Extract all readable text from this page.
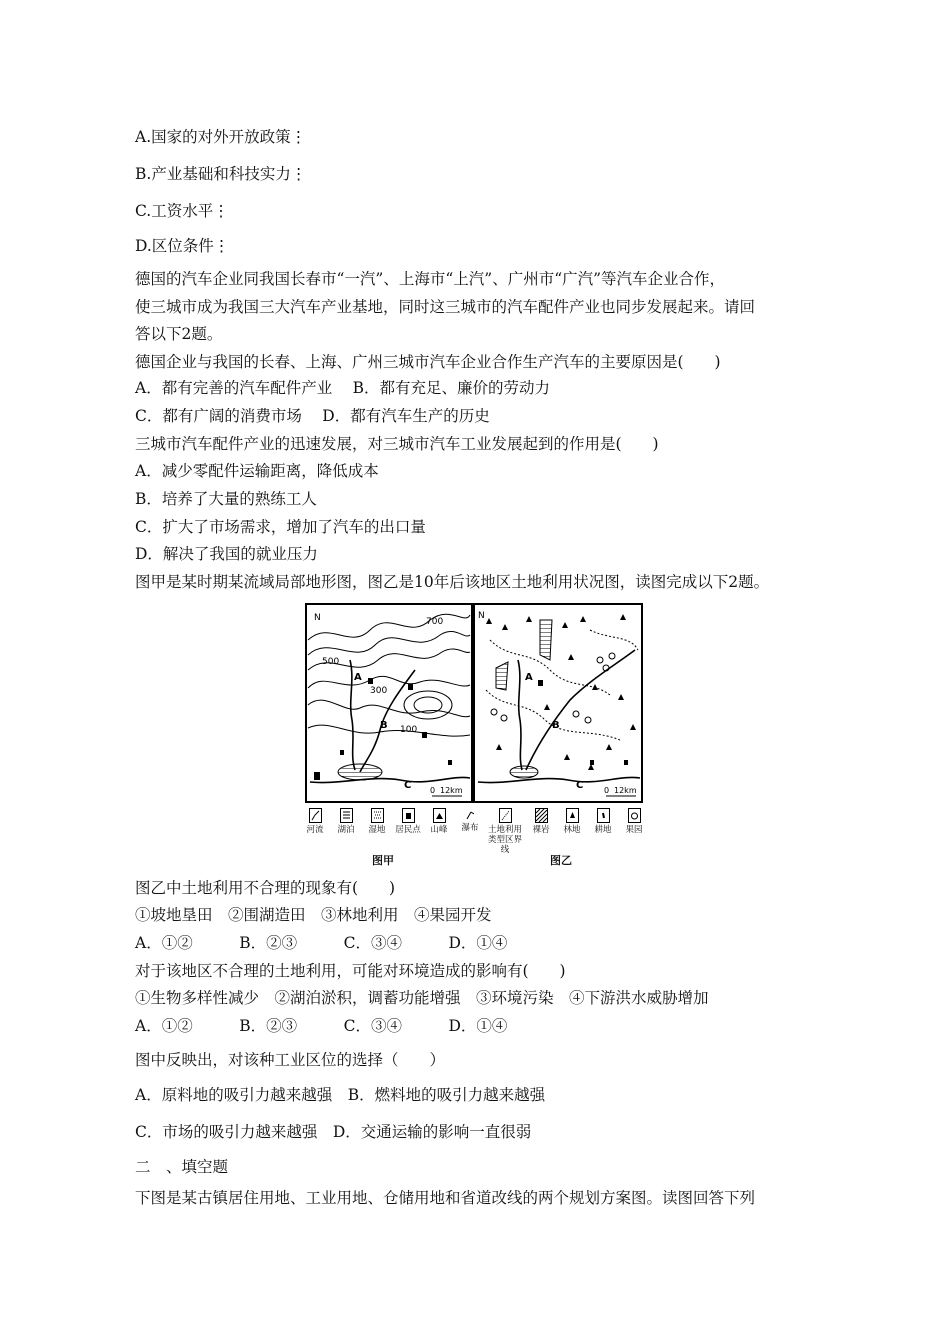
A.国家的对外开放政策⋮
B.产业基础和科技实力⋮
C.工资水平⋮
D.区位条件⋮
德国的汽车企业同我国长春市“一汽”、上海市“上汽”、广州市“广汽”等汽车企业合作，
使三城市成为我国三大汽车产业基地，同时这三城市的汽车配件产业也同步发展起来。请回
答以下2题。
德国企业与我国的长春、上海、广州三城市汽车企业合作生产汽车的主要原因是(　　)
A．都有完善的汽车配件产业　 B．都有充足、廉价的劳动力
C．都有广阔的消费市场　 D．都有汽车生产的历史
三城市汽车配件产业的迅速发展，对三城市汽车工业发展起到的作用是(　　)
A．减少零配件运输距离，降低成本
B．培养了大量的熟练工人
C．扩大了市场需求，增加了汽车的出口量
D．解决了我国的就业压力
图甲是某时期某流域局部地形图，图乙是10年后该地区土地利用状况图，读图完成以下2题。
N	700
500
300
100
A
B
C 0 12km
N
A
B
C	0 12km
河流	湖泊	湿地	居民点	山峰	瀑布	土地利用类型区界线
裸岩	林地	耕地	果园
图甲	图乙
图乙中土地利用不合理的现象有(　　)
①坡地垦田　②围湖造田　③林地利用　④果园开发
A．①②　　　B．②③　　　C．③④　　　D．①④
对于该地区不合理的土地利用，可能对环境造成的影响有(　　)
①生物多样性减少　②湖泊淤积，调蓄功能增强　③环境污染　④下游洪水威胁增加
A．①②　　　B．②③　　　C．③④　　　D．①④
图中反映出，对该种工业区位的选择（　　）
A．原料地的吸引力越来越强　B．燃料地的吸引力越来越强
C．市场的吸引力越来越强　D．交通运输的影响一直很弱
二　、填空题
下图是某古镇居住用地、工业用地、仓储用地和省道改线的两个规划方案图。读图回答下列
